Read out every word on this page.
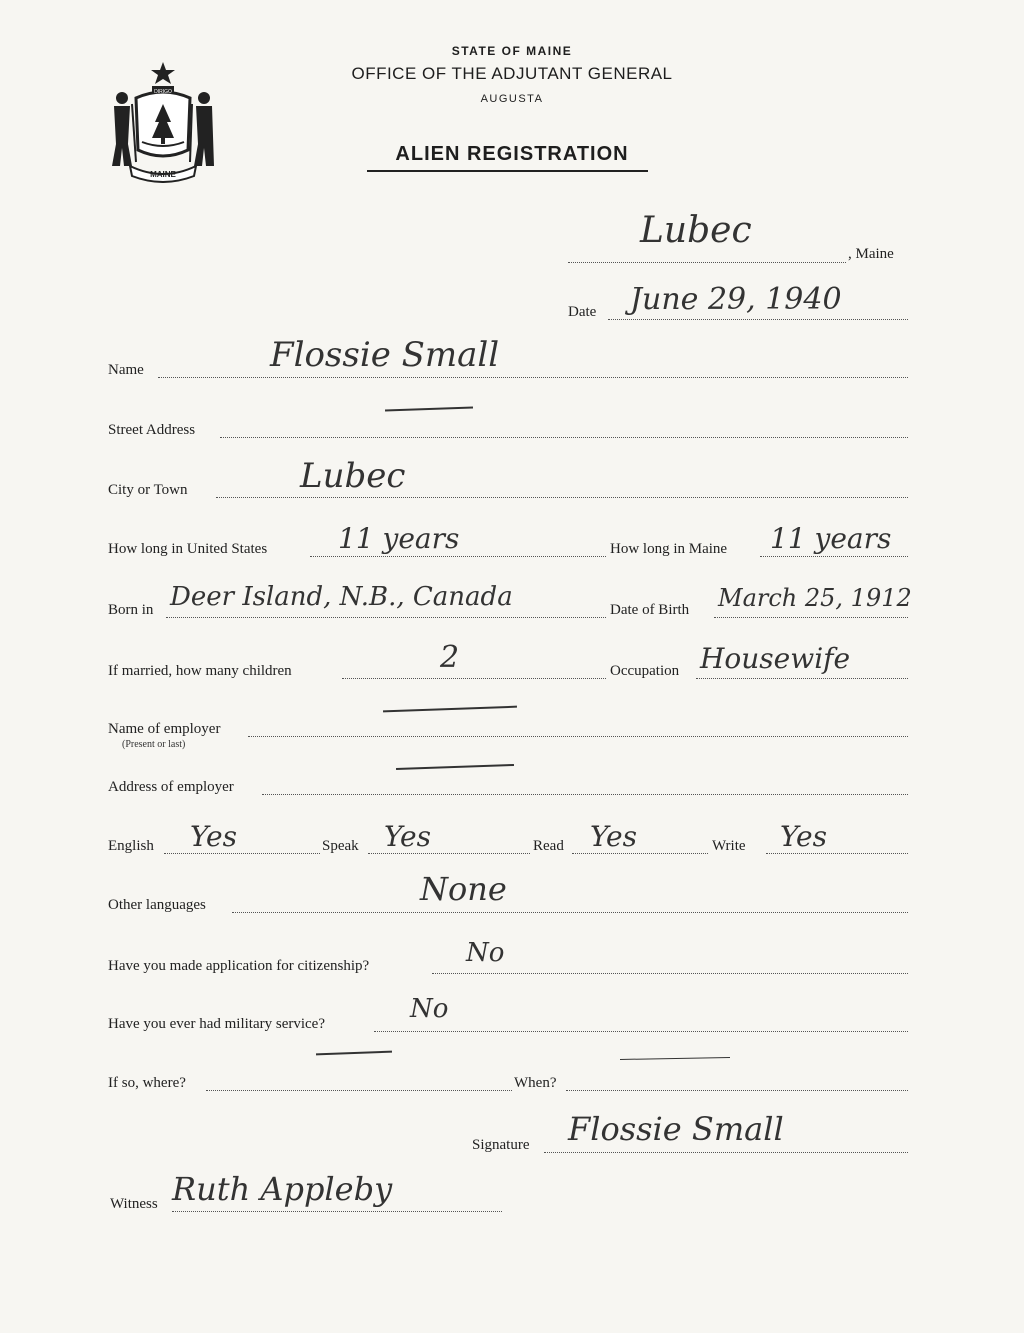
STATE OF MAINE
OFFICE OF THE ADJUTANT GENERAL
AUGUSTA
ALIEN REGISTRATION
MAINE
DIRIGO
Lubec
, Maine
Date June 29, 1940
Name	Flossie Small
Street Address
City or Town	Lubec
How long in United States	11 years	How long in Maine 11 years
Born in Deer Island, N.B., Canada	Date of Birth March 25, 1912
If married, how many children	2	Occupation Housewife
Name of employer
(Present or last)
Address of employer
English Yes	Speak Yes	Read Yes	Write Yes
Other languages	None
Have you made application for citizenship?	No
Have you ever had military service?	No
If so, where?	When?
Signature Flossie Small
Witness Ruth Appleby
